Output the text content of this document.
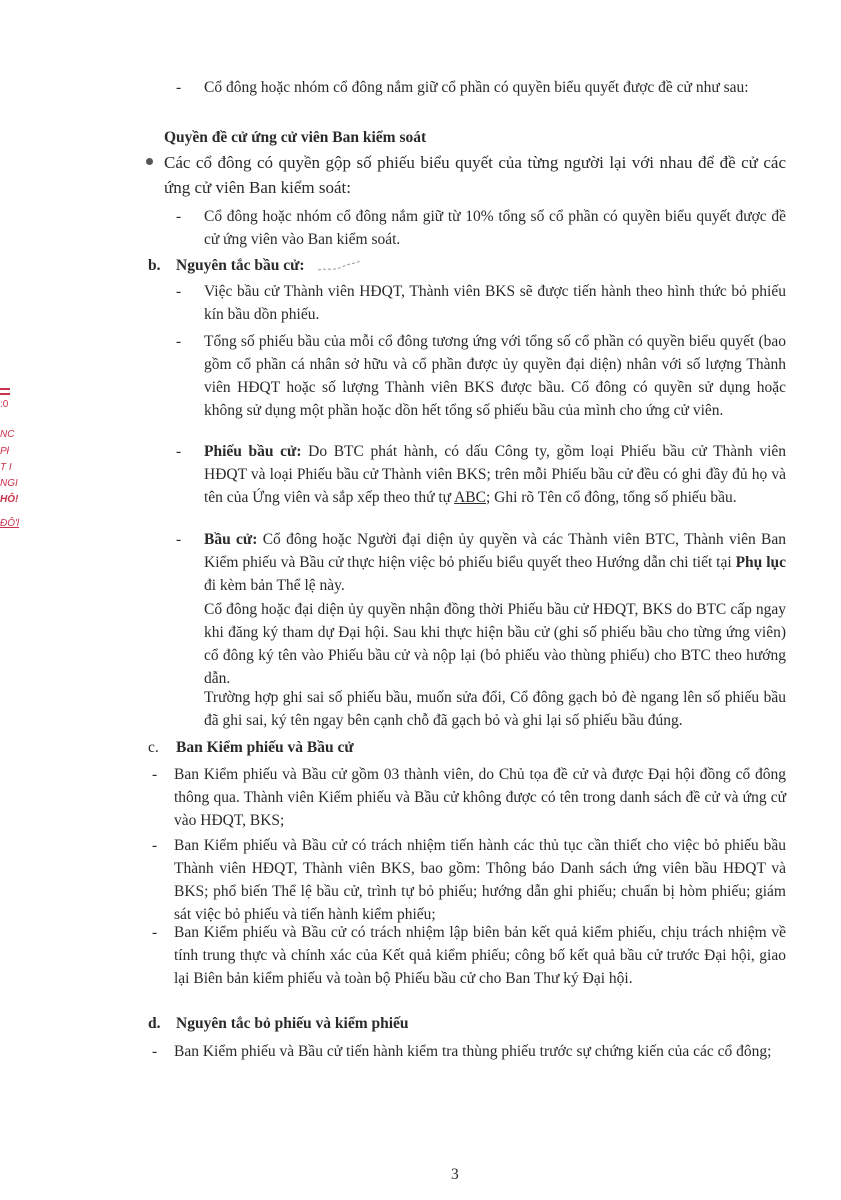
:0
NC
Pł
T I
NGI
HÔ!
ĐÔ'l
- Cổ đông hoặc nhóm cổ đông nắm giữ cổ phần có quyền biểu quyết được đề cử như sau:
Quyền đề cử ứng cử viên Ban kiểm soát
Các cổ đông có quyền gộp số phiếu biểu quyết của từng người lại với nhau để đề cử các ứng cử viên Ban kiểm soát:
- Cổ đông hoặc nhóm cổ đông nắm giữ từ 10% tổng số cổ phần có quyền biểu quyết được đề cử ứng viên vào Ban kiểm soát.
b. Nguyên tắc bầu cử:
- Việc bầu cử Thành viên HĐQT, Thành viên BKS sẽ được tiến hành theo hình thức bỏ phiếu kín bầu dồn phiếu.
- Tổng số phiếu bầu của mỗi cổ đông tương ứng với tổng số cổ phần có quyền biểu quyết (bao gồm cổ phần cá nhân sở hữu và cổ phần được ủy quyền đại diện) nhân với số lượng Thành viên HĐQT hoặc số lượng Thành viên BKS được bầu. Cổ đông có quyền sử dụng hoặc không sử dụng một phần hoặc dồn hết tổng số phiếu bầu của mình cho ứng cử viên.
- Phiếu bầu cử: Do BTC phát hành, có dấu Công ty, gồm loại Phiếu bầu cử Thành viên HĐQT và loại Phiếu bầu cử Thành viên BKS; trên mỗi Phiếu bầu cử đều có ghi đầy đủ họ và tên của Ứng viên và sắp xếp theo thứ tự ABC; Ghi rõ Tên cổ đông, tổng số phiếu bầu.
- Bầu cử: Cổ đông hoặc Người đại diện ủy quyền và các Thành viên BTC, Thành viên Ban Kiểm phiếu và Bầu cử thực hiện việc bỏ phiếu biểu quyết theo Hướng dẫn chi tiết tại Phụ lục đi kèm bản Thể lệ này.
Cổ đông hoặc đại diện ủy quyền nhận đồng thời Phiếu bầu cử HĐQT, BKS do BTC cấp ngay khi đăng ký tham dự Đại hội. Sau khi thực hiện bầu cử (ghi số phiếu bầu cho từng ứng viên) cổ đông ký tên vào Phiếu bầu cử và nộp lại (bỏ phiếu vào thùng phiếu) cho BTC theo hướng dẫn.
Trường hợp ghi sai số phiếu bầu, muốn sửa đổi, Cổ đông gạch bỏ đè ngang lên số phiếu bầu đã ghi sai, ký tên ngay bên cạnh chỗ đã gạch bỏ và ghi lại số phiếu bầu đúng.
c. Ban Kiểm phiếu và Bầu cử
- Ban Kiểm phiếu và Bầu cử gồm 03 thành viên, do Chủ tọa đề cử và được Đại hội đồng cổ đông thông qua. Thành viên Kiểm phiếu và Bầu cử không được có tên trong danh sách đề cử và ứng cử vào HĐQT, BKS;
- Ban Kiểm phiếu và Bầu cử có trách nhiệm tiến hành các thủ tục cần thiết cho việc bỏ phiếu bầu Thành viên HĐQT, Thành viên BKS, bao gồm: Thông báo Danh sách ứng viên bầu HĐQT và BKS; phổ biến Thể lệ bầu cử, trình tự bỏ phiếu; hướng dẫn ghi phiếu; chuẩn bị hòm phiếu; giám sát việc bỏ phiếu và tiến hành kiểm phiếu;
- Ban Kiểm phiếu và Bầu cử có trách nhiệm lập biên bản kết quả kiểm phiếu, chịu trách nhiệm về tính trung thực và chính xác của Kết quả kiểm phiếu; công bố kết quả bầu cử trước Đại hội, giao lại Biên bản kiểm phiếu và toàn bộ Phiếu bầu cử cho Ban Thư ký Đại hội.
d. Nguyên tắc bỏ phiếu và kiểm phiếu
- Ban Kiểm phiếu và Bầu cử tiến hành kiểm tra thùng phiếu trước sự chứng kiến của các cổ đông;
3
